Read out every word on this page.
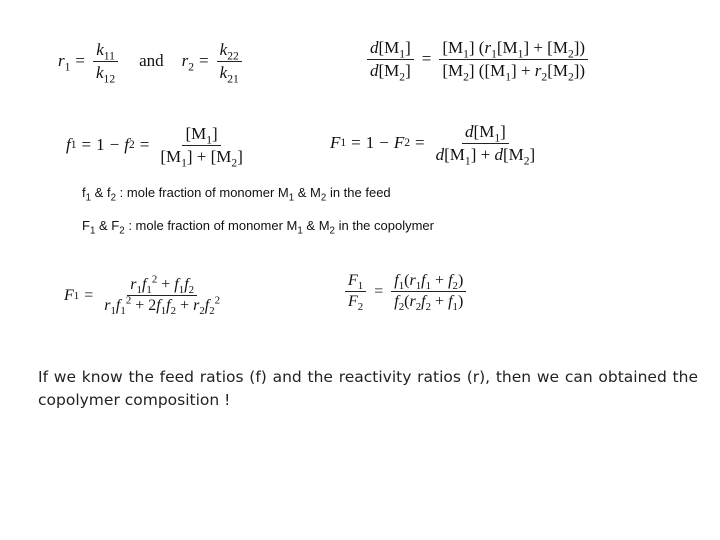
$r_1 = \frac{k_{11}}{k_{12}}$ and $r_2 = \frac{k_{22}}{k_{21}}$	$\frac{d[M_1]}{d[M_2]} = \frac{[M_1] (r_1[M_1] + [M_2])}{[M_2] ([M_1] + r_2[M_2])}$
f 1 = 1 − f $2 = \frac{[M_1]}{[M_1] + [M_2]}$	F 1 = 1 − F $2 = \frac{d[M_1]}{d[M_1] + d[M_2]}$
$f_1$ & $f_2$ : mole fraction of monomer $M_1$ & $M_2$ in the feed
$F_1$ & $F_2$ : mole fraction of monomer $M_1$ & $M_2$ in the copolymer
F $1 = \frac{r_1f_1^2 + f_1f_2}{r_1f_1^2 + 2f_1f_2 + r_2f_2^2}$	$\frac{F_1}{F_2} = \frac{f_1(r_1f_1 + f_2)}{f_2(r_2f_2 + f_1)}$
If we know the feed ratios (f) and the reactivity ratios (r), then we can obtained the copolymer composition !
